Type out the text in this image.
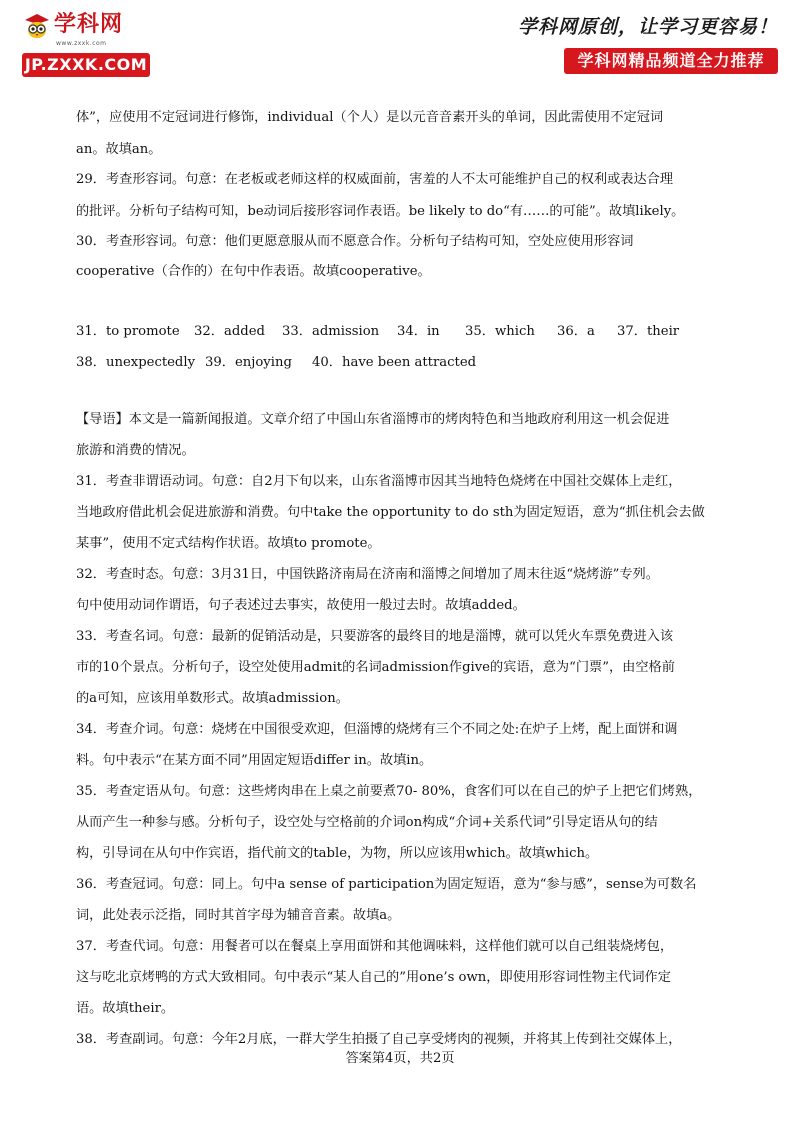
学科网
www.zxxk.com
JP.ZXXK.COM
学科网原创，让学习更容易！
学科网精品频道全力推荐
体”，应使用不定冠词进行修饰，individual（个人）是以元音音素开头的单词，因此需使用不定冠词
an。故填an。
29．考查形容词。句意：在老板或老师这样的权威面前，害羞的人不太可能维护自己的权利或表达合理
的批评。分析句子结构可知，be动词后接形容词作表语。be likely to do“有……的可能”。故填likely。
30．考查形容词。句意：他们更愿意服从而不愿意合作。分析句子结构可知，空处应使用形容词
cooperative（合作的）在句中作表语。故填cooperative。
31．to promote 32．added 33．admission 34．in 35．which 36．a 37．their
38．unexpectedly 39．enjoying 40．have been attracted
【导语】本文是一篇新闻报道。文章介绍了中国山东省淄博市的烤肉特色和当地政府利用这一机会促进
旅游和消费的情况。
31．考查非谓语动词。句意：自2月下旬以来，山东省淄博市因其当地特色烧烤在中国社交媒体上走红，
当地政府借此机会促进旅游和消费。句中take the opportunity to do sth为固定短语，意为“抓住机会去做
某事”，使用不定式结构作状语。故填to promote。
32．考查时态。句意：3月31日，中国铁路济南局在济南和淄博之间增加了周末往返“烧烤游”专列。
句中使用动词作谓语，句子表述过去事实，故使用一般过去时。故填added。
33．考查名词。句意：最新的促销活动是，只要游客的最终目的地是淄博，就可以凭火车票免费进入该
市的10个景点。分析句子，设空处使用admit的名词admission作give的宾语，意为“门票”，由空格前
的a可知，应该用单数形式。故填admission。
34．考查介词。句意：烧烤在中国很受欢迎，但淄博的烧烤有三个不同之处:在炉子上烤，配上面饼和调
料。句中表示“在某方面不同”用固定短语differ in。故填in。
35．考查定语从句。句意：这些烤肉串在上桌之前要煮70- 80%，食客们可以在自己的炉子上把它们烤熟，
从而产生一种参与感。分析句子，设空处与空格前的介词on构成“介词+关系代词”引导定语从句的结
构，引导词在从句中作宾语，指代前文的table，为物，所以应该用which。故填which。
36．考查冠词。句意：同上。句中a sense of participation为固定短语，意为“参与感”，sense为可数名
词，此处表示泛指，同时其首字母为辅音音素。故填a。
37．考查代词。句意：用餐者可以在餐桌上享用面饼和其他调味料，这样他们就可以自己组装烧烤包，
这与吃北京烤鸭的方式大致相同。句中表示“某人自己的”用one’s own，即使用形容词性物主代词作定
语。故填their。
38．考查副词。句意：今年2月底，一群大学生拍摄了自己享受烤肉的视频，并将其上传到社交媒体上，
答案第4页，共2页
